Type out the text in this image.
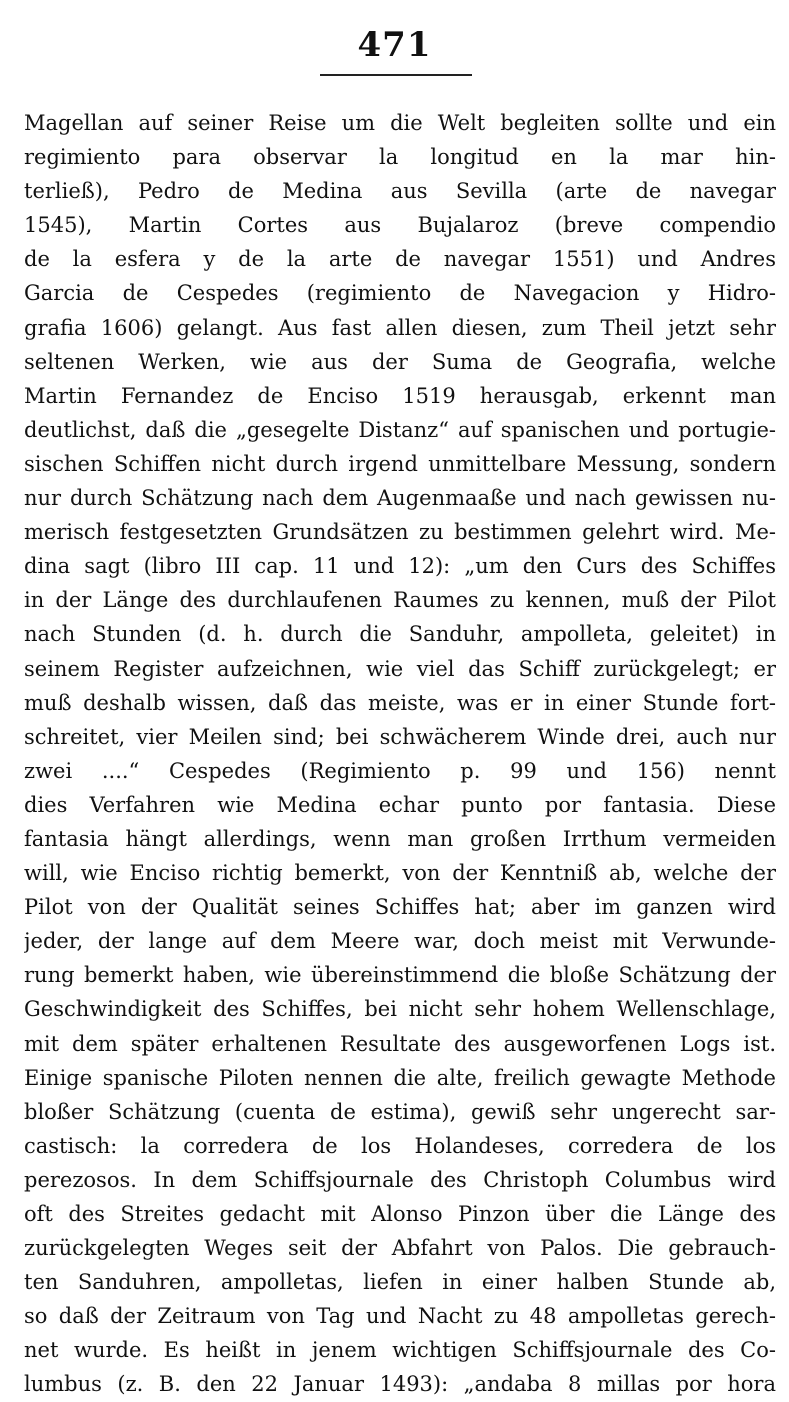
471
Magellan auf seiner Reise um die Welt begleiten sollte und ein
regimiento para observar la longitud en la mar hin-
terließ), Pedro de Medina aus Sevilla (arte de navegar
1545), Martin Cortes aus Bujalaroz (breve compendio
de la esfera y de la arte de navegar 1551) und Andres
Garcia de Cespedes (regimiento de Navegacion y Hidro-
grafia 1606) gelangt. Aus fast allen diesen, zum Theil jetzt sehr
seltenen Werken, wie aus der Suma de Geografia, welche
Martin Fernandez de Enciso 1519 herausgab, erkennt man
deutlichst, daß die „gesegelte Distanz“ auf spanischen und portugie-
sischen Schiffen nicht durch irgend unmittelbare Messung, sondern
nur durch Schätzung nach dem Augenmaaße und nach gewissen nu-
merisch festgesetzten Grundsätzen zu bestimmen gelehrt wird. Me-
dina sagt (libro III cap. 11 und 12): „um den Curs des Schiffes
in der Länge des durchlaufenen Raumes zu kennen, muß der Pilot
nach Stunden (d. h. durch die Sanduhr, ampolleta, geleitet) in
seinem Register aufzeichnen, wie viel das Schiff zurückgelegt; er
muß deshalb wissen, daß das meiste, was er in einer Stunde fort-
schreitet, vier Meilen sind; bei schwächerem Winde drei, auch nur
zwei ....“ Cespedes (Regimiento p. 99 und 156) nennt
dies Verfahren wie Medina echar punto por fantasia. Diese
fantasia hängt allerdings, wenn man großen Irrthum vermeiden
will, wie Enciso richtig bemerkt, von der Kenntniß ab, welche der
Pilot von der Qualität seines Schiffes hat; aber im ganzen wird
jeder, der lange auf dem Meere war, doch meist mit Verwunde-
rung bemerkt haben, wie übereinstimmend die bloße Schätzung der
Geschwindigkeit des Schiffes, bei nicht sehr hohem Wellenschlage,
mit dem später erhaltenen Resultate des ausgeworfenen Logs ist.
Einige spanische Piloten nennen die alte, freilich gewagte Methode
bloßer Schätzung (cuenta de estima), gewiß sehr ungerecht sar-
castisch: la corredera de los Holandeses, corredera de los
perezosos. In dem Schiffsjournale des Christoph Columbus wird
oft des Streites gedacht mit Alonso Pinzon über die Länge des
zurückgelegten Weges seit der Abfahrt von Palos. Die gebrauch-
ten Sanduhren, ampolletas, liefen in einer halben Stunde ab,
so daß der Zeitraum von Tag und Nacht zu 48 ampolletas gerech-
net wurde. Es heißt in jenem wichtigen Schiffsjournale des Co-
lumbus (z. B. den 22 Januar 1493): „andaba 8 millas por hora
